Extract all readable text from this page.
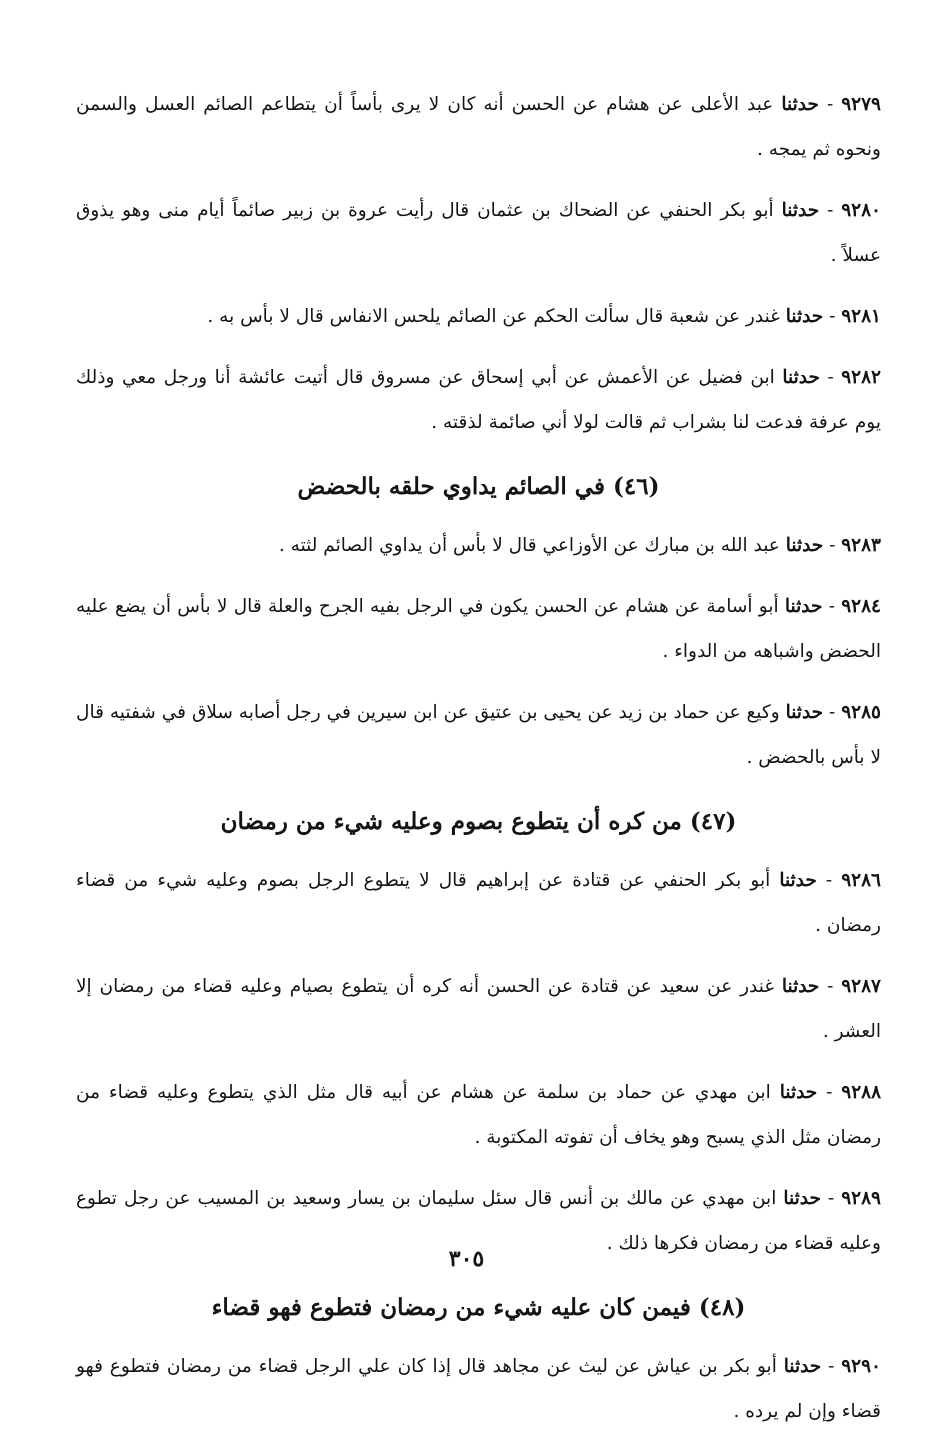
٩٢٧٩ - حدثنا عبد الأعلى عن هشام عن الحسن أنه كان لا يرى بأساً أن يتطاعم الصائم العسل والسمن ونحوه ثم يمجه .

٩٢٨٠ - حدثنا أبو بكر الحنفي عن الضحاك بن عثمان قال رأيت عروة بن زبير صائماً أيام منى وهو يذوق عسلاً .

٩٢٨١ - حدثنا غندر عن شعبة قال سألت الحكم عن الصائم يلحس الانفاس قال لا بأس به .

٩٢٨٢ - حدثنا ابن فضيل عن الأعمش عن أبي إسحاق عن مسروق قال أتيت عائشة أنا ورجل معي وذلك يوم عرفة فدعت لنا بشراب ثم قالت لولا أني صائمة لذقته .

(٤٦) في الصائم يداوي حلقه بالحضض

٩٢٨٣ - حدثنا عبد الله بن مبارك عن الأوزاعي قال لا بأس أن يداوي الصائم لثته .

٩٢٨٤ - حدثنا أبو أسامة عن هشام عن الحسن يكون في الرجل بفيه الجرح والعلة قال لا بأس أن يضع عليه الحضض واشباهه من الدواء .

٩٢٨٥ - حدثنا وكيع عن حماد بن زيد عن يحيى بن عتيق عن ابن سيرين في رجل أصابه سلاق في شفتيه قال لا بأس بالحضض .

(٤٧) من كره أن يتطوع بصوم وعليه شيء من رمضان

٩٢٨٦ - حدثنا أبو بكر الحنفي عن قتادة عن إبراهيم قال لا يتطوع الرجل بصوم وعليه شيء من قضاء رمضان .

٩٢٨٧ - حدثنا غندر عن سعيد عن قتادة عن الحسن أنه كره أن يتطوع بصيام وعليه قضاء من رمضان إلا العشر .

٩٢٨٨ - حدثنا ابن مهدي عن حماد بن سلمة عن هشام عن أبيه قال مثل الذي يتطوع وعليه قضاء من رمضان مثل الذي يسبح وهو يخاف أن تفوته المكتوبة .

٩٢٨٩ - حدثنا ابن مهدي عن مالك بن أنس قال سئل سليمان بن يسار وسعيد بن المسيب عن رجل تطوع وعليه قضاء من رمضان فكرها ذلك .

(٤٨) فيمن كان عليه شيء من رمضان فتطوع فهو قضاء

٩٢٩٠ - حدثنا أبو بكر بن عياش عن ليث عن مجاهد قال إذا كان علي الرجل قضاء من رمضان فتطوع فهو قضاء وإن لم يرده .

٣٠٥
